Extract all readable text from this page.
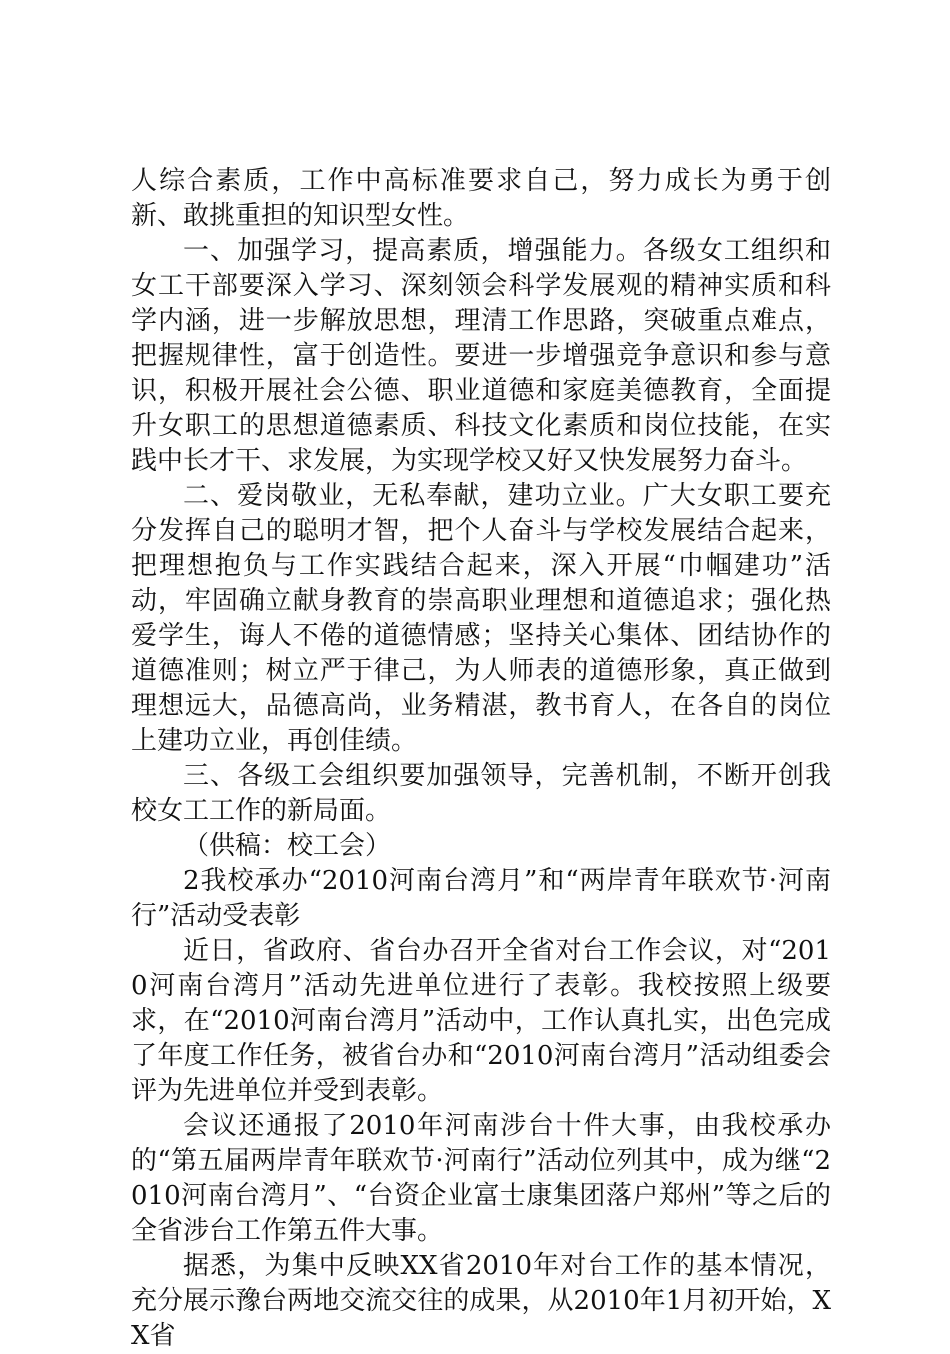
人综合素质，工作中高标准要求自己，努力成长为勇于创新、敢挑重担的知识型女性。

一、加强学习，提高素质，增强能力。各级女工组织和女工干部要深入学习、深刻领会科学发展观的精神实质和科学内涵，进一步解放思想，理清工作思路，突破重点难点，把握规律性，富于创造性。要进一步增强竞争意识和参与意识，积极开展社会公德、职业道德和家庭美德教育，全面提升女职工的思想道德素质、科技文化素质和岗位技能，在实践中长才干、求发展，为实现学校又好又快发展努力奋斗。

二、爱岗敬业，无私奉献，建功立业。广大女职工要充分发挥自己的聪明才智，把个人奋斗与学校发展结合起来，把理想抱负与工作实践结合起来，深入开展“巾帼建功”活动，牢固确立献身教育的崇高职业理想和道德追求；强化热爱学生，诲人不倦的道德情感；坚持关心集体、团结协作的道德准则；树立严于律己，为人师表的道德形象，真正做到理想远大，品德高尚，业务精湛，教书育人，在各自的岗位上建功立业，再创佳绩。

三、各级工会组织要加强领导，完善机制，不断开创我校女工工作的新局面。

（供稿：校工会）

2我校承办“2010河南台湾月”和“两岸青年联欢节·河南行”活动受表彰

近日，省政府、省台办召开全省对台工作会议，对“2010河南台湾月”活动先进单位进行了表彰。我校按照上级要求，在“2010河南台湾月”活动中，工作认真扎实，出色完成了年度工作任务，被省台办和“2010河南台湾月”活动组委会评为先进单位并受到表彰。

会议还通报了2010年河南涉台十件大事，由我校承办的“第五届两岸青年联欢节·河南行”活动位列其中，成为继“2010河南台湾月”、“台资企业富士康集团落户郑州”等之后的全省涉台工作第五件大事。

据悉，为集中反映XX省2010年对台工作的基本情况，充分展示豫台两地交流交往的成果，从2010年1月初开始，XX省
